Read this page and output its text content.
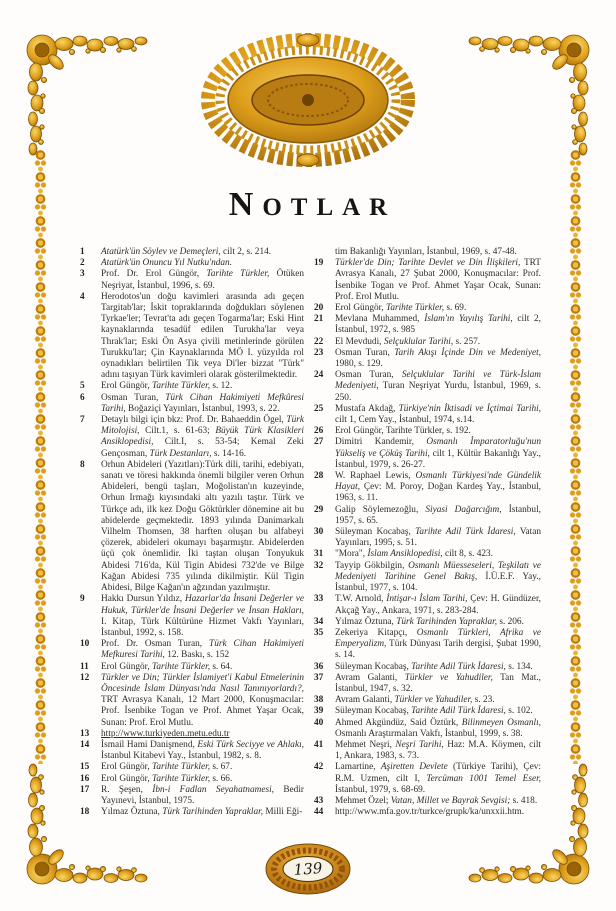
NOTLAR
1 Atatürk'ün Söylev ve Demeçleri, cilt 2, s. 214.
2 Atatürk'ün Onuncu Yıl Nutku'ndan.
3 Prof. Dr. Erol Güngör, Tarihte Türkler, Ötüken Neşriyat, İstanbul, 1996, s. 69.
4 Herodotos'un doğu kavimleri arasında adı geçen Targitab'lar; İskit topraklarında doğdukları söylenen Tyrkae'ler; Tevrat'ta adı geçen Togarma'lar; Eski Hint kaynaklarında tesadüf edilen Turukha'lar veya Thrak'lar; Eski Ön Asya çivili metinlerinde görülen Turukku'lar; Çin Kaynaklarında MÖ I. yüzyılda rol oynadıkları belirtilen Tik veya Di'ler bizzat "Türk" adını taşıyan Türk kavimleri olarak gösterilmektedir.
5 Erol Güngör, Tarihte Türkler, s. 12.
6 Osman Turan, Türk Cihan Hakimiyeti Mefkûresi Tarihi, Boğaziçi Yayınları, İstanbul, 1993, s. 22.
7 Detaylı bilgi için bkz: Prof. Dr. Bahaeddin Ögel, Türk Mitolojisi, Cilt.1, s. 61-63; Büyük Türk Klasikleri Ansiklopedisi, Cilt.I, s. 53-54; Kemal Zeki Gençosman, Türk Destanları, s. 14-16.
8 Orhun Abideleri (Yazıtları):Türk dili, tarihi, edebiyatı, sanatı ve töresi hakkında önemli bilgiler veren Orhun Abideleri, bengü taşları, Moğolistan'ın kuzeyinde, Orhun Irmağı kıyısındaki altı yazılı taştır. Türk ve Türkçe adı, ilk kez Doğu Göktürkler dönemine ait bu abidelerde geçmektedir. 1893 yılında Danimarkalı Vilhelm Thomsen, 38 harften oluşan bu alfabeyi çözerek, abideleri okumayı başarmıştır. Abidelerden üçü çok önemlidir. İki taştan oluşan Tonyukuk Abidesi 716'da, Kül Tigin Abidesi 732'de ve Bilge Kağan Abidesi 735 yılında dikilmiştir. Kül Tigin Abidesi, Bilge Kağan'ın ağzından yazılmıştır.
9 Hakkı Dursun Yıldız, Hazarlar'da İnsani Değerler ve Hukuk, Türkler'de İnsani Değerler ve İnsan Hakları, I. Kitap, Türk Kültürüne Hizmet Vakfı Yayınları, İstanbul, 1992, s. 158.
10 Prof. Dr. Osman Turan, Türk Cihan Hakimiyeti Mefkuresi Tarihi, 12. Baskı, s. 152
11 Erol Güngör, Tarihte Türkler, s. 64.
12 Türkler ve Din; Türkler İslamiyet'i Kabul Etmelerinin Öncesinde İslam Dünyası'nda Nasıl Tanınıyorlardı?, TRT Avrasya Kanalı, 12 Mart 2000, Konuşmacılar: Prof. İsenbike Togan ve Prof. Ahmet Yaşar Ocak, Sunan: Prof. Erol Mutlu.
13 http://www.turkiyeden.metu.edu.tr
14 İsmail Hami Danişmend, Eski Türk Seciyye ve Ahlakı, İstanbul Kitabevi Yay., İstanbul, 1982, s. 8.
15 Erol Güngör, Tarihte Türkler, s. 67.
16 Erol Güngör, Tarihte Türkler, s. 66.
17 R. Şeşen, İbn-i Fadlan Seyahatnamesi, Bedir Yayınevi, İstanbul, 1975.
18 Yılmaz Öztuna, Türk Tarihinden Yapraklar, Milli Eği-
tim Bakanlığı Yayınları, İstanbul, 1969, s. 47-48.
19 Türkler'de Din; Tarihte Devlet ve Din İlişkileri, TRT Avrasya Kanalı, 27 Şubat 2000, Konuşmacılar: Prof. İsenbike Togan ve Prof. Ahmet Yaşar Ocak, Sunan: Prof. Erol Mutlu.
20 Erol Güngör, Tarihte Türkler, s. 69.
21 Mevlana Muhammed, İslam'ın Yayılış Tarihi, cilt 2, İstanbul, 1972, s. 985
22 El Mevdudi, Selçuklular Tarihi, s. 257.
23 Osman Turan, Tarih Akışı İçinde Din ve Medeniyet, 1980, s. 129.
24 Osman Turan, Selçuklular Tarihi ve Türk-İslam Medeniyeti, Turan Neşriyat Yurdu, İstanbul, 1969, s. 250.
25 Mustafa Akdağ, Türkiye'nin İktisadi ve İçtimai Tarihi, cilt 1, Cem Yay., İstanbul, 1974, s.14.
26 Erol Güngör, Tarihte Türkler, s. 192.
27 Dimitri Kandemir, Osmanlı İmparatorluğu'nun Yükseliş ve Çöküş Tarihi, cilt 1, Kültür Bakanlığı Yay., İstanbul, 1979, s. 26-27.
28 W. Raphael Lewis, Osmanlı Türkiyesi'nde Gündelik Hayat, Çev: M. Poroy, Doğan Kardeş Yay., İstanbul, 1963, s. 11.
29 Galip Söylemezoğlu, Siyasi Dağarcığım, İstanbul, 1957, s. 65.
30 Süleyman Kocabaş, Tarihte Adil Türk İdaresi, Vatan Yayınları, 1995, s. 51.
31 "Mora", İslam Ansiklopedisi, cilt 8, s. 423.
32 Tayyip Gökbilgin, Osmanlı Müesseseleri, Teşkilatı ve Medeniyeti Tarihine Genel Bakış, İ.Ü.E.F. Yay., İstanbul, 1977, s. 104.
33 T.W. Arnold, İntişar-ı İslam Tarihi, Çev: H. Gündüzer, Akçağ Yay., Ankara, 1971, s. 283-284.
34 Yılmaz Öztuna, Türk Tarihinden Yapraklar, s. 206.
35 Zekeriya Kitapçı, Osmanlı Türkleri, Afrika ve Emperyalizm, Türk Dünyası Tarih dergisi, Şubat 1990, s. 14.
36 Süleyman Kocabaş, Tarihte Adil Türk İdaresi, s. 134.
37 Avram Galanti, Türkler ve Yahudiler, Tan Mat., İstanbul, 1947, s. 32.
38 Avram Galanti, Türkler ve Yahudiler, s. 23.
39 Süleyman Kocabaş, Tarihte Adil Türk İdaresi, s. 102.
40 Ahmed Akgündüz, Said Öztürk, Bilinmeyen Osmanlı, Osmanlı Araştırmaları Vakfı, İstanbul, 1999, s. 38.
41 Mehmet Neşri, Neşri Tarihi, Haz: M.A. Köymen, cilt 1, Ankara, 1983, s. 73.
42 Lamartine, Aşiretten Devlete (Türkiye Tarihi), Çev: R.M. Uzmen, cilt I, Tercüman 1001 Temel Eser, İstanbul, 1979, s. 68-69.
43 Mehmet Özel; Vatan, Millet ve Bayrak Sevgisi; s. 418.
44 http://www.mfa.gov.tr/turkce/grupk/ka/unxxii.htm.
139
